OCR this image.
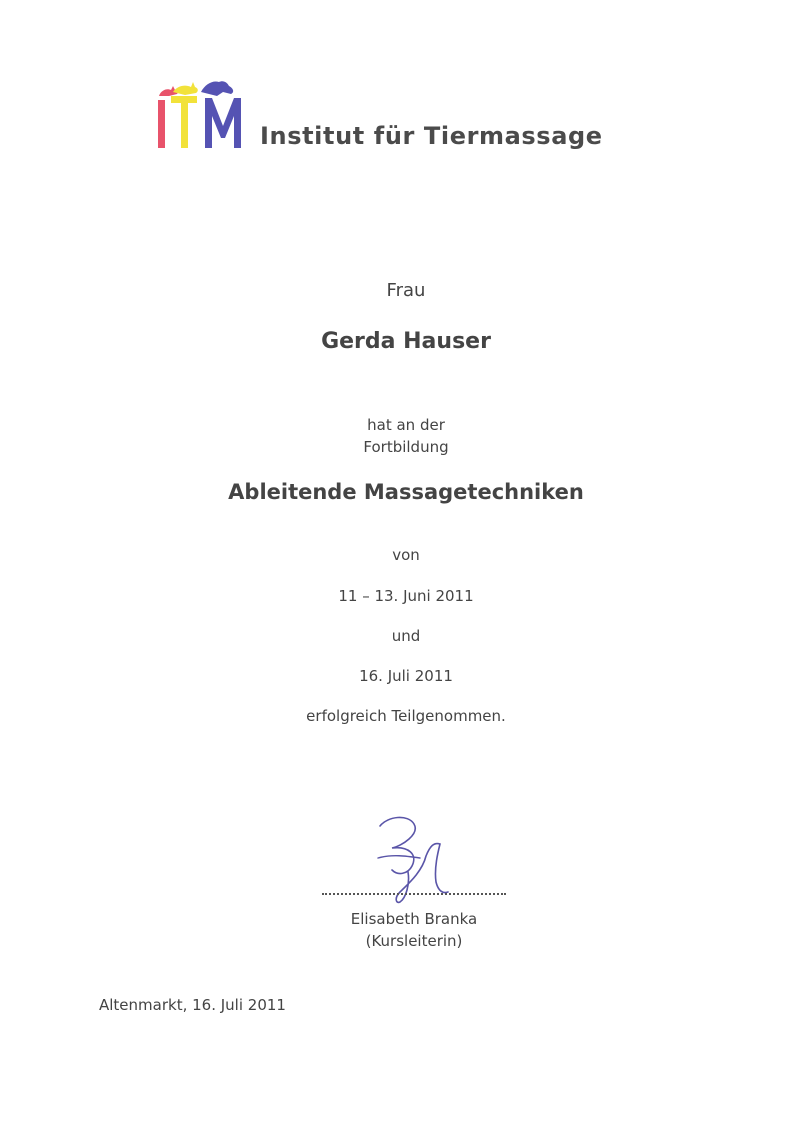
Institut für Tiermassage
Frau
Gerda Hauser
hat an der
Fortbildung
Ableitende Massagetechniken
von
11 – 13. Juni 2011
und
16. Juli 2011
erfolgreich Teilgenommen.
Elisabeth Branka
(Kursleiterin)
Altenmarkt, 16. Juli 2011
